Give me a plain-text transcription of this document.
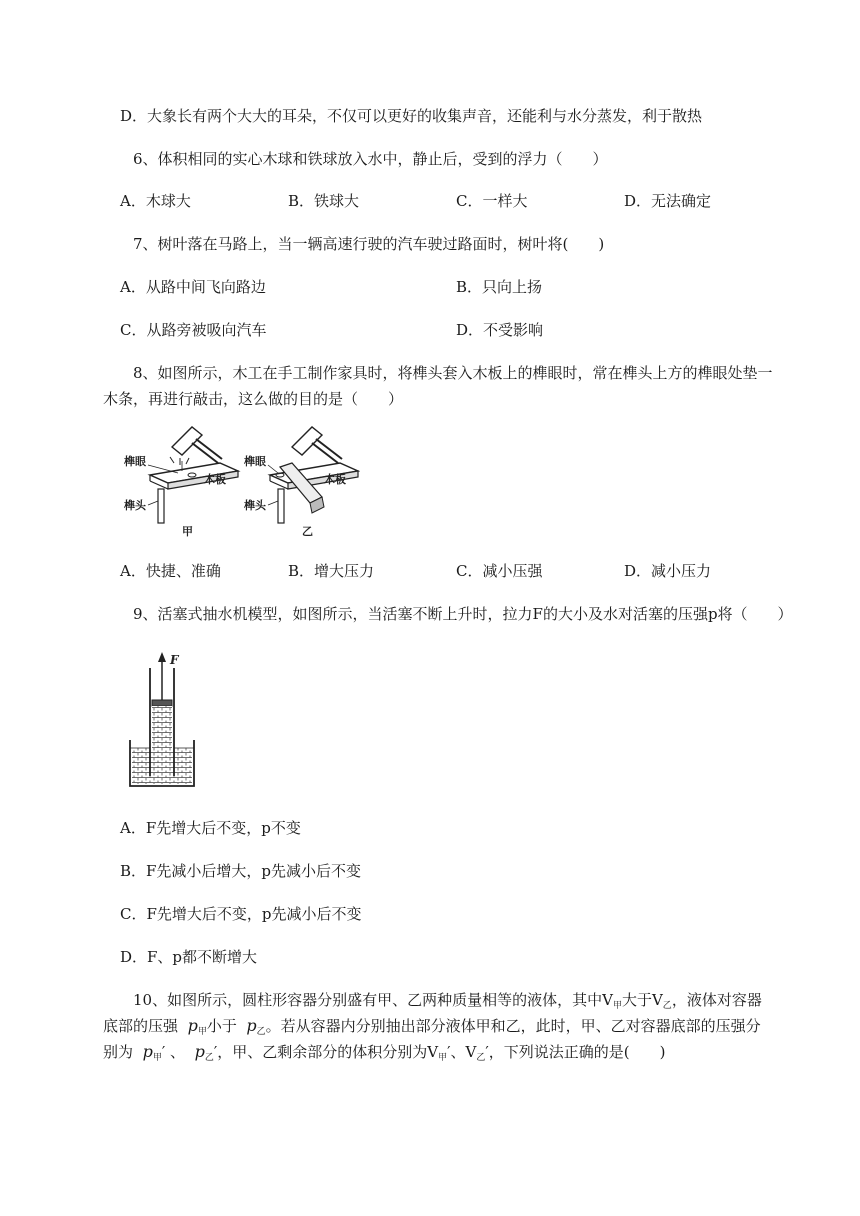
D．大象长有两个大大的耳朵，不仅可以更好的收集声音，还能利与水分蒸发，利于散热
6、体积相同的实心木球和铁球放入水中，静止后，受到的浮力（　　）
A．木球大	B．铁球大	C．一样大	D．无法确定
7、树叶落在马路上，当一辆高速行驶的汽车驶过路面时，树叶将(　　)
A．从路中间飞向路边	B．只向上扬
C．从路旁被吸向汽车	D．不受影响
8、如图所示，木工在手工制作家具时，将榫头套入木板上的榫眼时，常在榫头上方的榫眼处垫一
木条，再进行敲击，这么做的目的是（　　）
榫眼
木板
榫头
甲
榫眼
木板
榫头
乙
A．快捷、准确	B．增大压力	C．减小压强	D．减小压力
9、活塞式抽水机模型，如图所示，当活塞不断上升时，拉力F的大小及水对活塞的压强p将（　　）
F
A．F先增大后不变，p不变
B．F先减小后增大，p先减小后不变
C．F先增大后不变，p先减小后不变
D．F、p都不断增大
10、如图所示，圆柱形容器分别盛有甲、乙两种质量相等的液体，其中$V_甲$大于$V_乙$，液体对容器
底部的压强 $p_甲$小于 $p_乙$。若从容器内分别抽出部分液体甲和乙，此时，甲、乙对容器底部的压强分
别为 $p_甲'$ 、 $p_乙'$，甲、乙剩余部分的体积分别为$V_甲'$、$V_乙'$，下列说法正确的是(　　)
